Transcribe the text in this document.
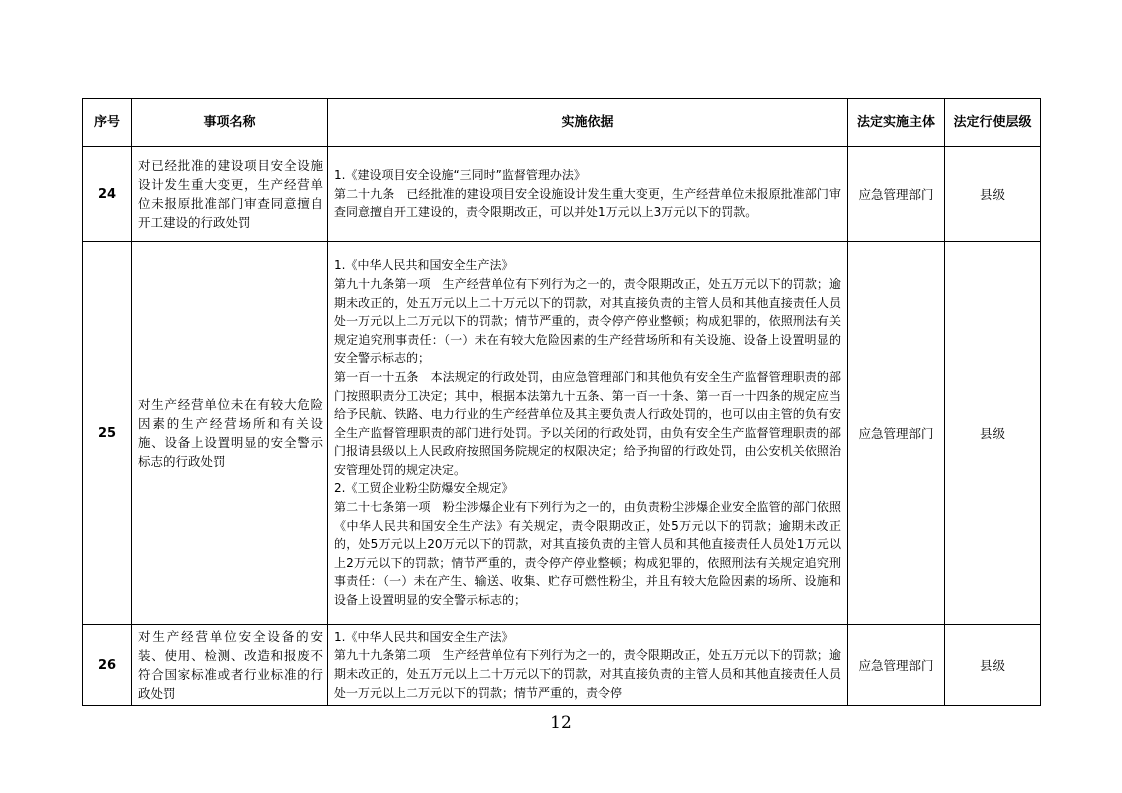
序号	事项名称	实施依据	法定实施主体	法定行使层级
24	对已经批准的建设项目安全设施设计发生重大变更，生产经营单位未报原批准部门审查同意擅自开工建设的行政处罚	1.《建设项目安全设施“三同时”监督管理办法》

第二十九条　已经批准的建设项目安全设施设计发生重大变更，生产经营单位未报原批准部门审查同意擅自开工建设的，责令限期改正，可以并处1万元以上3万元以下的罚款。	应急管理部门	县级
25	对生产经营单位未在有较大危险因素的生产经营场所和有关设施、设备上设置明显的安全警示标志的行政处罚	1.《中华人民共和国安全生产法》

第九十九条第一项　生产经营单位有下列行为之一的，责令限期改正，处五万元以下的罚款；逾期未改正的，处五万元以上二十万元以下的罚款，对其直接负责的主管人员和其他直接责任人员处一万元以上二万元以下的罚款；情节严重的，责令停产停业整顿；构成犯罪的，依照刑法有关规定追究刑事责任：（一）未在有较大危险因素的生产经营场所和有关设施、设备上设置明显的安全警示标志的；

第一百一十五条　本法规定的行政处罚，由应急管理部门和其他负有安全生产监督管理职责的部门按照职责分工决定；其中，根据本法第九十五条、第一百一十条、第一百一十四条的规定应当给予民航、铁路、电力行业的生产经营单位及其主要负责人行政处罚的，也可以由主管的负有安全生产监督管理职责的部门进行处罚。予以关闭的行政处罚，由负有安全生产监督管理职责的部门报请县级以上人民政府按照国务院规定的权限决定；给予拘留的行政处罚，由公安机关依照治安管理处罚的规定决定。

2.《工贸企业粉尘防爆安全规定》

第二十七条第一项　粉尘涉爆企业有下列行为之一的，由负责粉尘涉爆企业安全监管的部门依照《中华人民共和国安全生产法》有关规定，责令限期改正，处5万元以下的罚款；逾期未改正的，处5万元以上20万元以下的罚款，对其直接负责的主管人员和其他直接责任人员处1万元以上2万元以下的罚款；情节严重的，责令停产停业整顿；构成犯罪的，依照刑法有关规定追究刑事责任：（一）未在产生、输送、收集、贮存可燃性粉尘，并且有较大危险因素的场所、设施和设备上设置明显的安全警示标志的；	应急管理部门	县级
26	对生产经营单位安全设备的安装、使用、检测、改造和报废不符合国家标准或者行业标准的行政处罚	1.《中华人民共和国安全生产法》

第九十九条第二项　生产经营单位有下列行为之一的，责令限期改正，处五万元以下的罚款；逾期未改正的，处五万元以上二十万元以下的罚款，对其直接负责的主管人员和其他直接责任人员处一万元以上二万元以下的罚款；情节严重的，责令停	应急管理部门	县级
12
